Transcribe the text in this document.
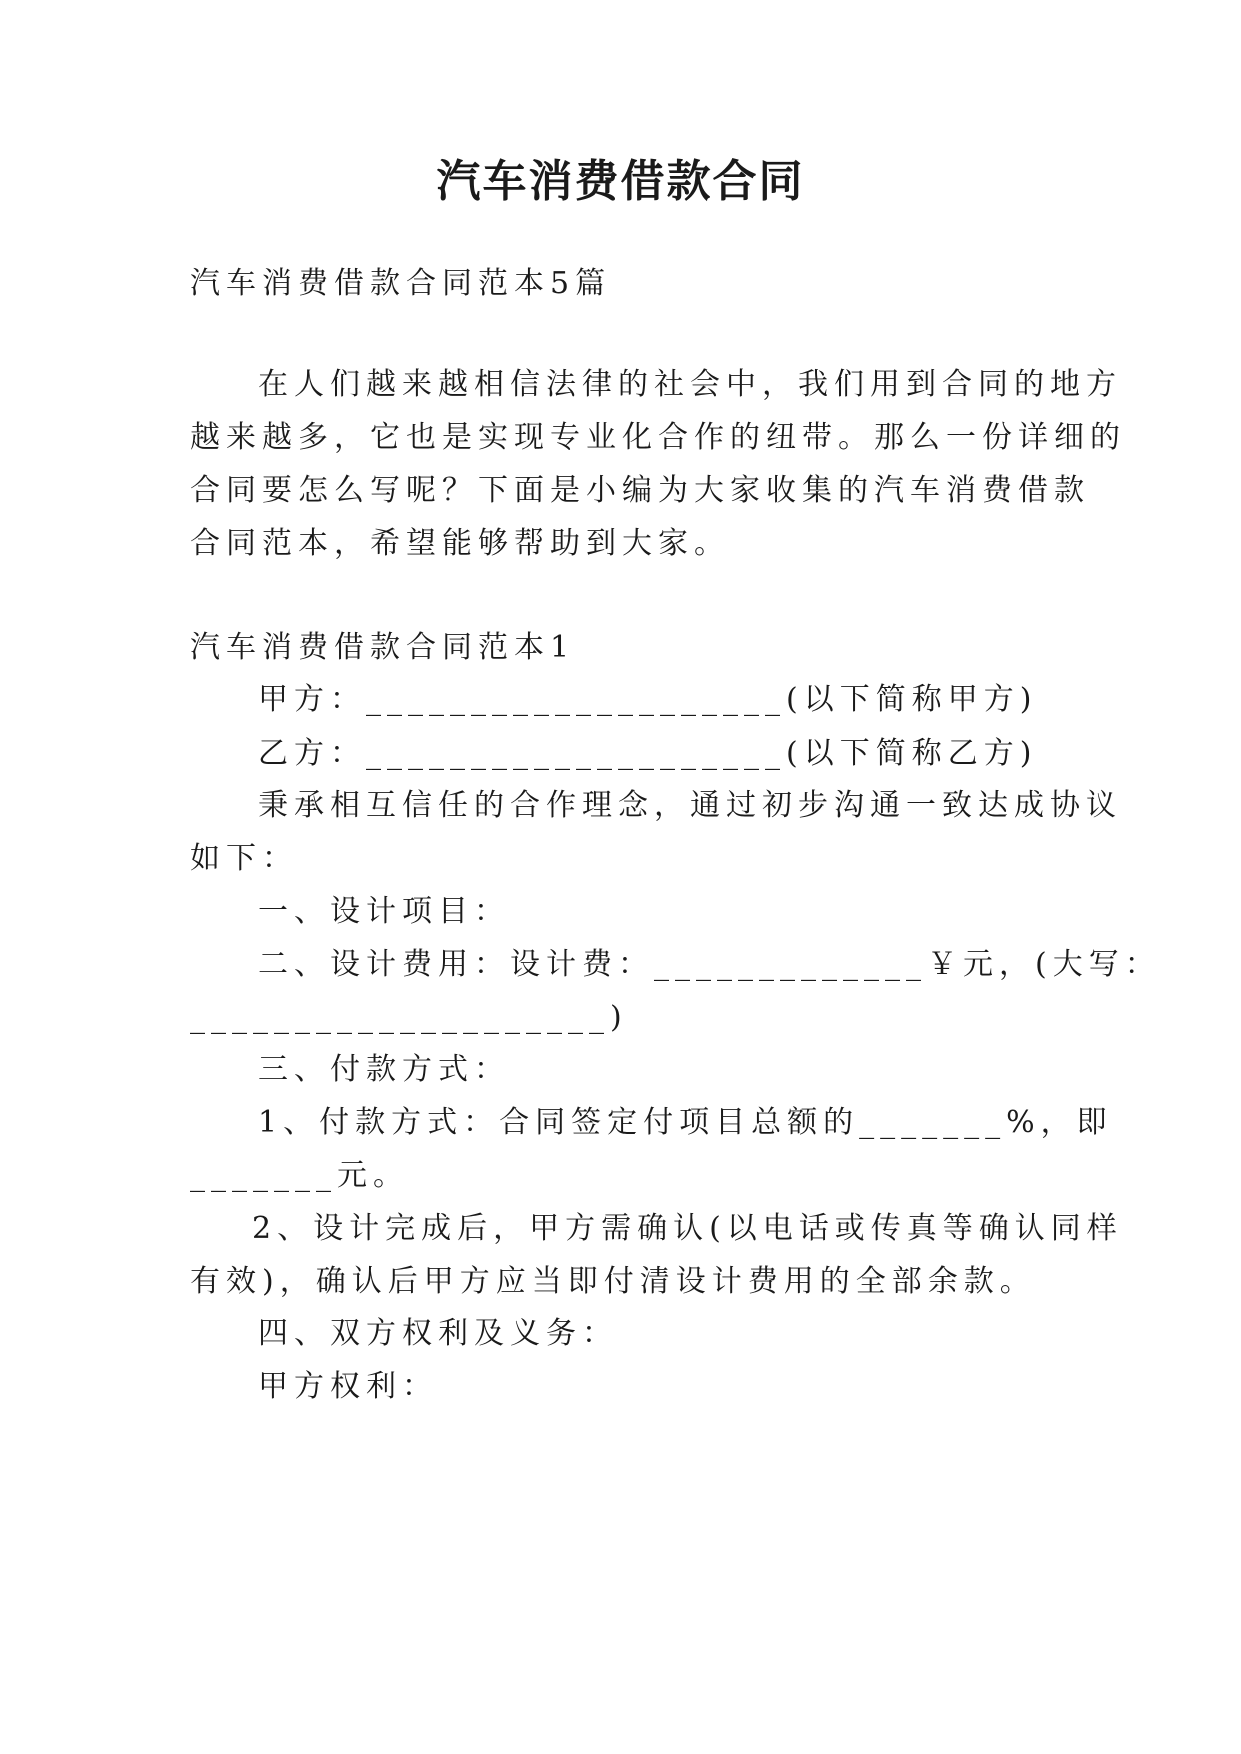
汽车消费借款合同
汽车消费借款合同范本5篇
在人们越来越相信法律的社会中，我们用到合同的地方
越来越多，它也是实现专业化合作的纽带。那么一份详细的
合同要怎么写呢？下面是小编为大家收集的汽车消费借款
合同范本，希望能够帮助到大家。
汽车消费借款合同范本1
甲方：____________________(以下简称甲方)
乙方：____________________(以下简称乙方)
秉承相互信任的合作理念，通过初步沟通一致达成协议
如下：
一、设计项目：
二、设计费用：设计费：_____________￥元，(大写：
____________________)
三、付款方式：
1、付款方式：合同签定付项目总额的_______%，即
_______元。
2、设计完成后，甲方需确认(以电话或传真等确认同样
有效)，确认后甲方应当即付清设计费用的全部余款。
四、双方权利及义务：
甲方权利：
